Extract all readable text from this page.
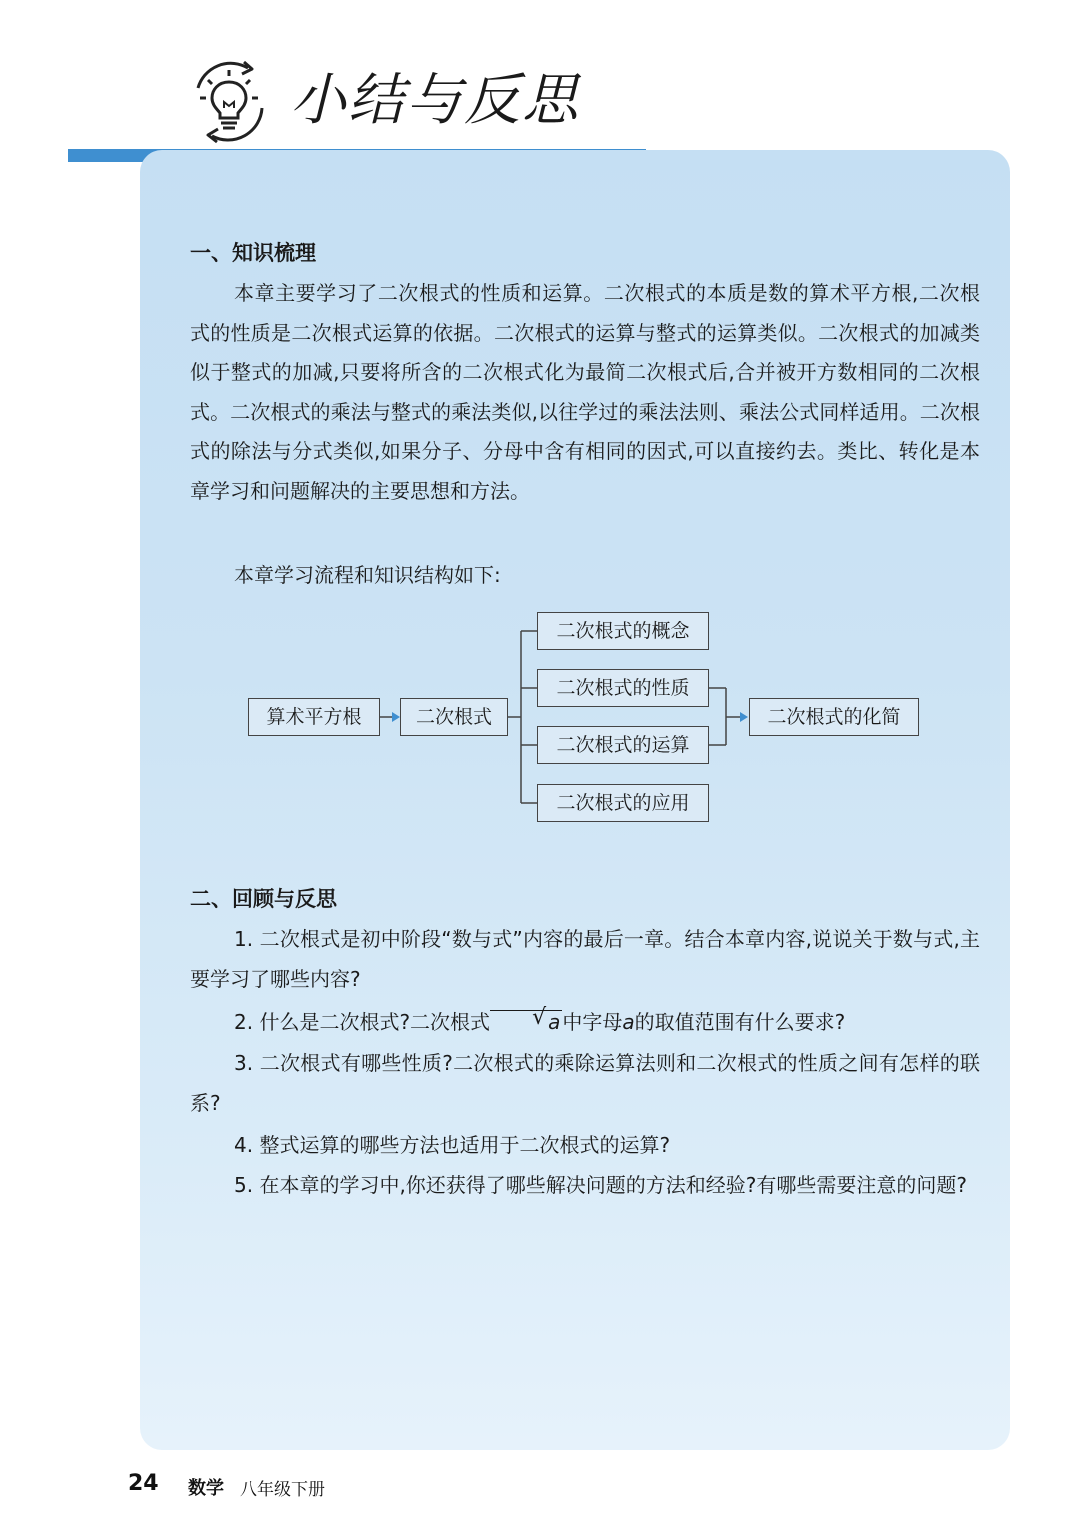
小结与反思
一、知识梳理

本章主要学习了二次根式的性质和运算。二次根式的本质是数的算术平方根,二次根式的性质是二次根式运算的依据。二次根式的运算与整式的运算类似。二次根式的加减类似于整式的加减,只要将所含的二次根式化为最简二次根式后,合并被开方数相同的二次根式。二次根式的乘法与整式的乘法类似,以往学过的乘法法则、乘法公式同样适用。二次根式的除法与分式类似,如果分子、分母中含有相同的因式,可以直接约去。类比、转化是本章学习和问题解决的主要思想和方法。

本章学习流程和知识结构如下:

算术平方根	二次根式
二次根式的概念
二次根式的性质
二次根式的运算
二次根式的应用
二次根式的化简
二、回顾与反思

1. 二次根式是初中阶段“数与式”内容的最后一章。结合本章内容,说说关于数与式,主要学习了哪些内容?

2. 什么是二次根式?二次根式√	a 中字母a的取值范围有什么要求?

3. 二次根式有哪些性质?二次根式的乘除运算法则和二次根式的性质之间有怎样的联系?

4. 整式运算的哪些方法也适用于二次根式的运算?

5. 在本章的学习中,你还获得了哪些解决问题的方法和经验?有哪些需要注意的问题?

24 数学 八年级下册
